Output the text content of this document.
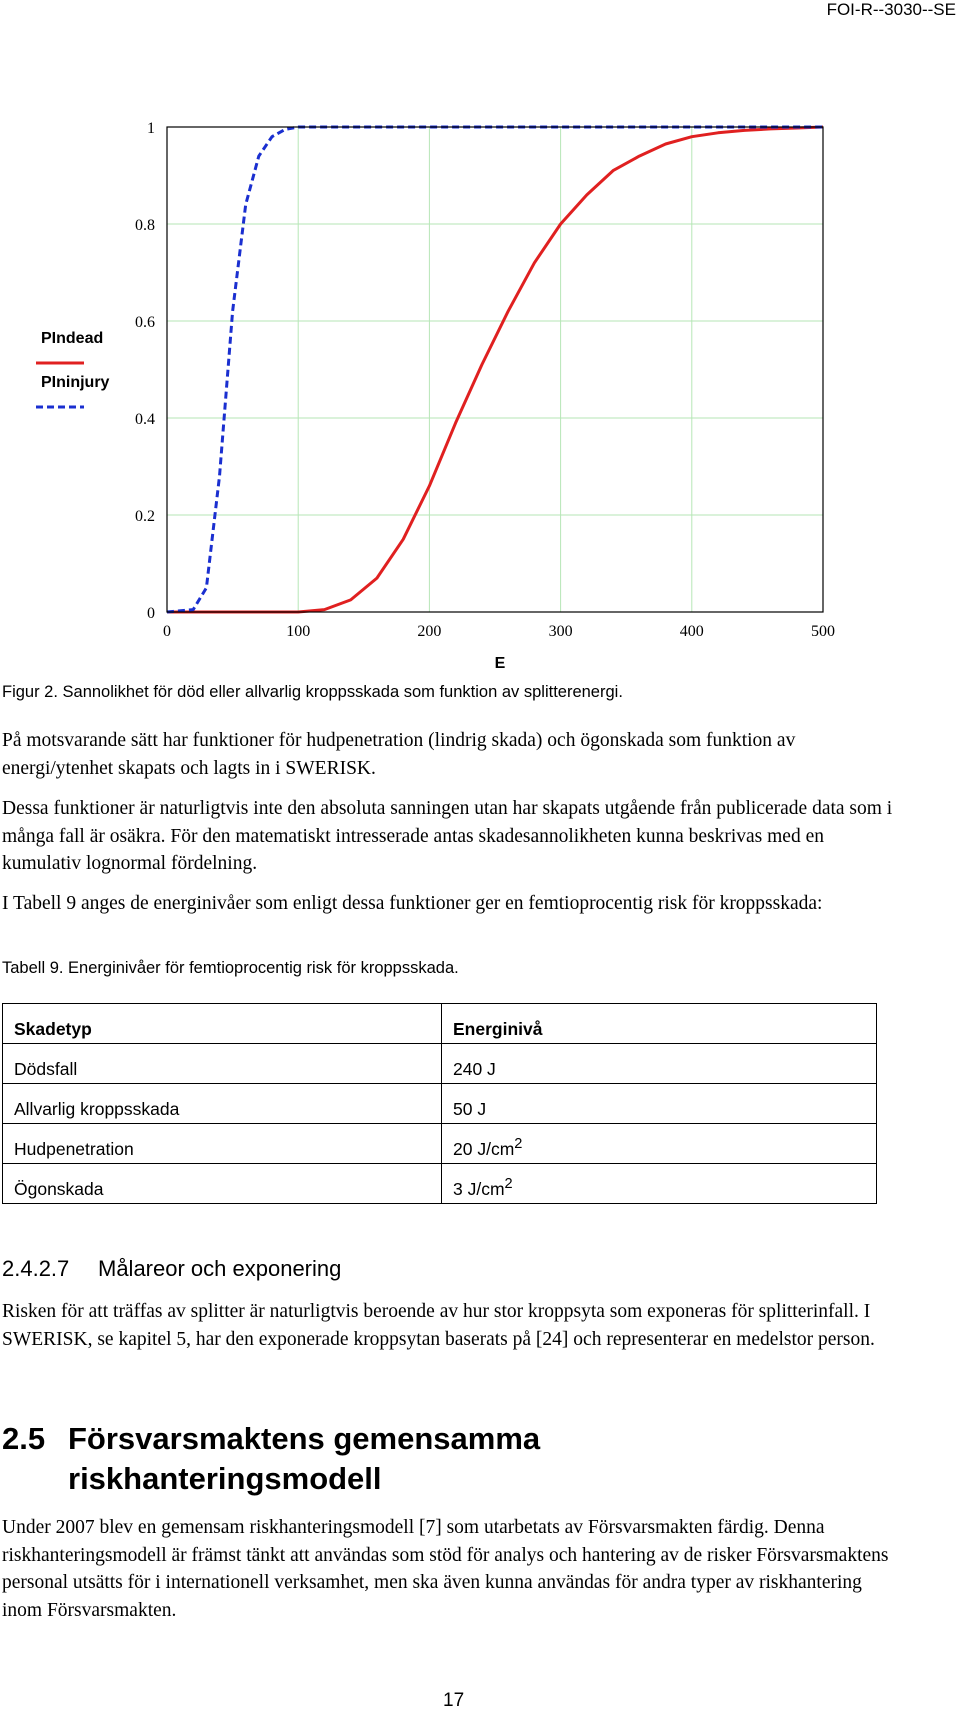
FOI-R--3030--SE
0
0.2
0.4
0.6
0.8
1
0	100	200	300	400	500
E
PIndead
PIninjury
Figur 2. Sannolikhet för död eller allvarlig kroppsskada som funktion av splitterenergi.
På motsvarande sätt har funktioner för hudpenetration (lindrig skada) och ögonskada som funktion av energi/ytenhet skapats och lagts in i SWERISK.
Dessa funktioner är naturligtvis inte den absoluta sanningen utan har skapats utgående från publicerade data som i många fall är osäkra. För den matematiskt intresserade antas skadesannolikheten kunna beskrivas med en kumulativ lognormal fördelning.
I Tabell 9 anges de energinivåer som enligt dessa funktioner ger en femtioprocentig risk för kroppsskada:
Tabell 9. Energinivåer för femtioprocentig risk för kroppsskada.
Skadetyp	Energinivå
Dödsfall	240 J
Allvarlig kroppsskada	50 J
Hudpenetration	20 $J/cm^2$
Ögonskada	3 $J/cm^2$
2.4.2.7 Målareor och exponering
Risken för att träffas av splitter är naturligtvis beroende av hur stor kroppsyta som exponeras för splitterinfall. I SWERISK, se kapitel 5, har den exponerade kroppsytan baserats på [24] och representerar en medelstor person.
2.5 Försvarsmaktens gemensamma
riskhanteringsmodell
Under 2007 blev en gemensam riskhanteringsmodell [7] som utarbetats av Försvarsmakten färdig. Denna riskhanteringsmodell är främst tänkt att användas som stöd för analys och hantering av de risker Försvarsmaktens personal utsätts för i internationell verksamhet, men ska även kunna användas för andra typer av riskhantering inom Försvarsmakten.
17
